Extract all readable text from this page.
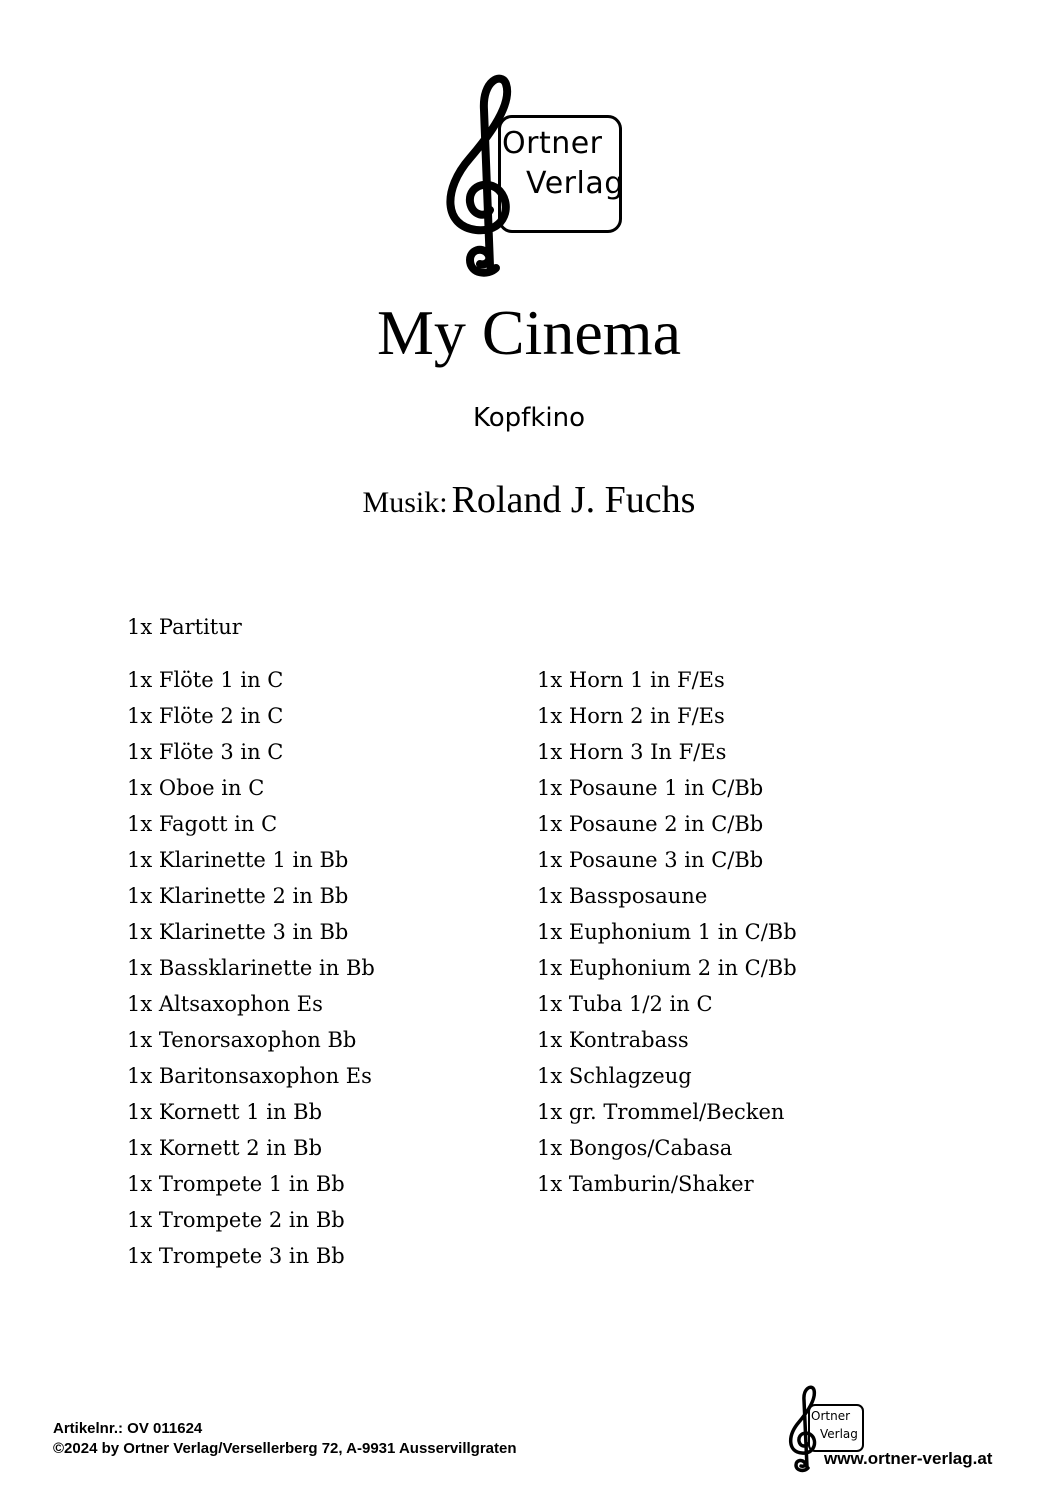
Ortner
Verlag
My Cinema
Kopfkino
Musik: Roland J. Fuchs
1x Partitur
1x Flöte 1 in C
1x Flöte 2 in C
1x Flöte 3 in C
1x Oboe in C
1x Fagott in C
1x Klarinette 1 in Bb
1x Klarinette 2 in Bb
1x Klarinette 3 in Bb
1x Bassklarinette in Bb
1x Altsaxophon Es
1x Tenorsaxophon Bb
1x Baritonsaxophon Es
1x Kornett 1 in Bb
1x Kornett 2 in Bb
1x Trompete 1 in Bb
1x Trompete 2 in Bb
1x Trompete 3 in Bb
1x Horn 1 in F/Es
1x Horn 2 in F/Es
1x Horn 3 In F/Es
1x Posaune 1 in C/Bb
1x Posaune 2 in C/Bb
1x Posaune 3 in C/Bb
1x Bassposaune
1x Euphonium 1 in C/Bb
1x Euphonium 2 in C/Bb
1x Tuba 1/2 in C
1x Kontrabass
1x Schlagzeug
1x gr. Trommel/Becken
1x Bongos/Cabasa
1x Tamburin/Shaker
Artikelnr.: OV 011624
©2024 by Ortner Verlag/Versellerberg 72, A-9931 Ausservillgraten
Ortner
Verlag
www.ortner-verlag.at
